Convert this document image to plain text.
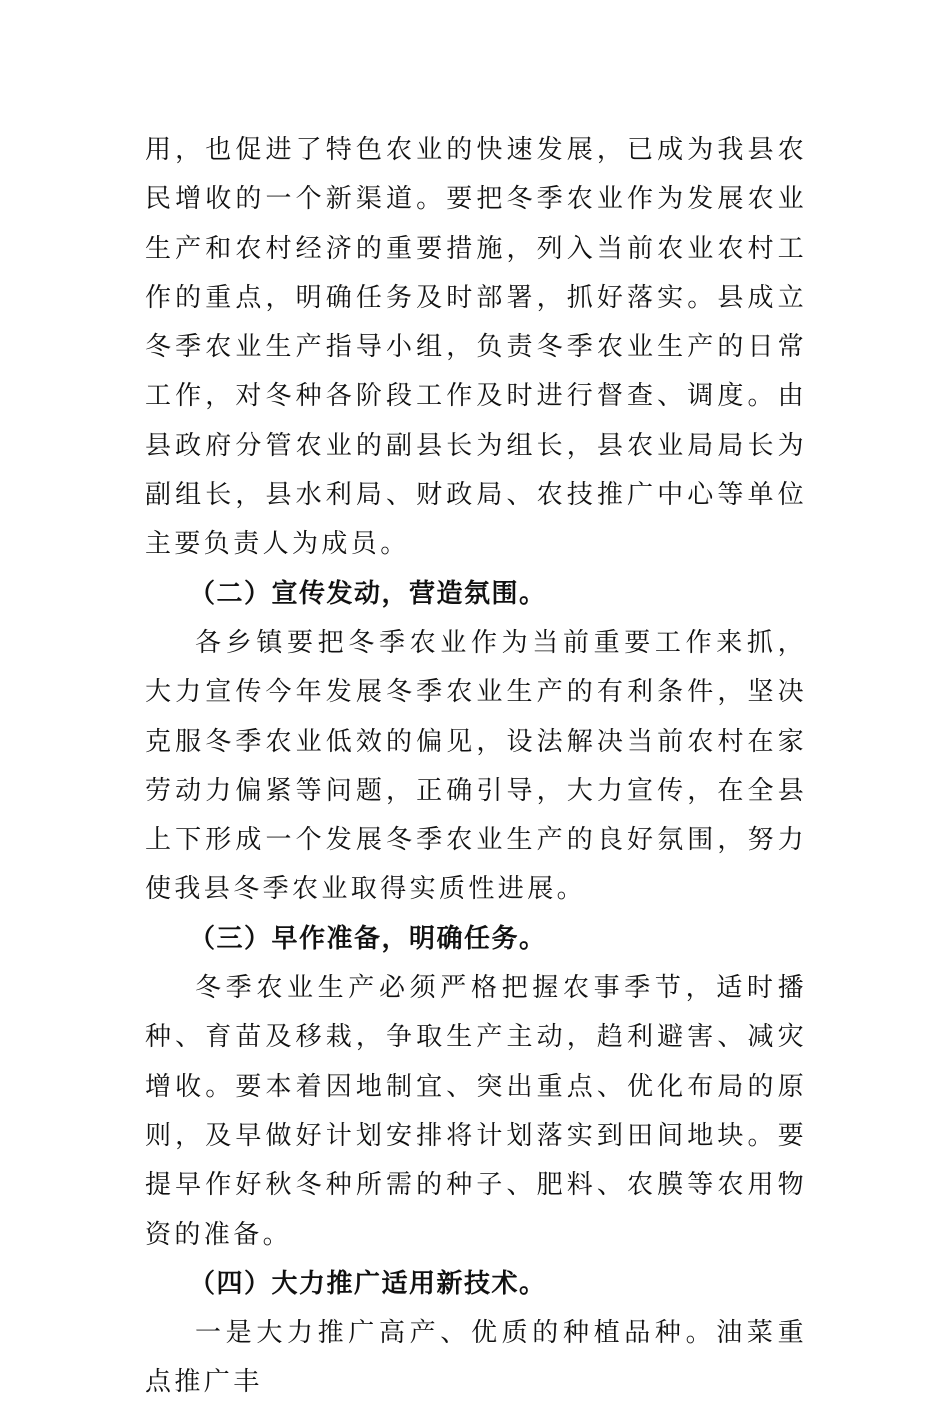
用，也促进了特色农业的快速发展，已成为我县农民增收的一个新渠道。要把冬季农业作为发展农业生产和农村经济的重要措施，列入当前农业农村工作的重点，明确任务及时部署，抓好落实。县成立冬季农业生产指导小组，负责冬季农业生产的日常工作，对冬种各阶段工作及时进行督查、调度。由县政府分管农业的副县长为组长，县农业局局长为副组长，县水利局、财政局、农技推广中心等单位主要负责人为成员。

（二）宣传发动，营造氛围。

各乡镇要把冬季农业作为当前重要工作来抓，大力宣传今年发展冬季农业生产的有利条件，坚决克服冬季农业低效的偏见，设法解决当前农村在家劳动力偏紧等问题，正确引导，大力宣传，在全县上下形成一个发展冬季农业生产的良好氛围，努力使我县冬季农业取得实质性进展。

（三）早作准备，明确任务。

冬季农业生产必须严格把握农事季节，适时播种、育苗及移栽，争取生产主动，趋利避害、减灾增收。要本着因地制宜、突出重点、优化布局的原则，及早做好计划安排将计划落实到田间地块。要提早作好秋冬种所需的种子、肥料、农膜等农用物资的准备。

（四）大力推广适用新技术。

一是大力推广高产、优质的种植品种。油菜重点推广丰
